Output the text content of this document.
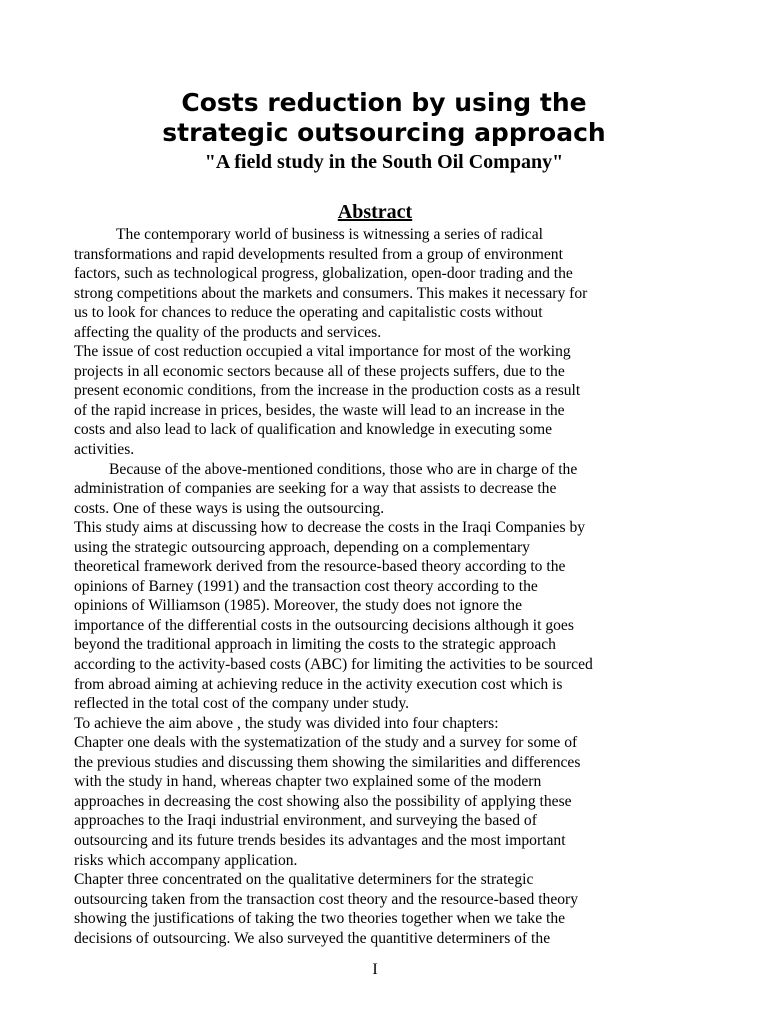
Costs reduction by using the
strategic outsourcing approach
"A field study in the South Oil Company"
Abstract
The contemporary world of business is witnessing a series of radical
transformations and rapid developments resulted from a group of environment
factors, such as technological progress, globalization, open-door trading and the
strong competitions about the markets and consumers. This makes it necessary for
us to look for chances to reduce the operating and capitalistic costs without
affecting the quality of the products and services.
The issue of cost reduction occupied a vital importance for most of the working
projects in all economic sectors because all of these projects suffers, due to the
present economic conditions, from the increase in the production costs as a result
of the rapid increase in prices, besides, the waste will lead to an increase in the
costs and also lead to lack of qualification and knowledge in executing some
activities.
Because of the above-mentioned conditions, those who are in charge of the
administration of companies are seeking for a way that assists to decrease the
costs. One of these ways is using the outsourcing.
This study aims at discussing how to decrease the costs in the Iraqi Companies by
using the strategic outsourcing approach, depending on a complementary
theoretical framework derived from the resource-based theory according to the
opinions of Barney (1991) and the transaction cost theory according to the
opinions of Williamson (1985). Moreover, the study does not ignore the
importance of the differential costs in the outsourcing decisions although it goes
beyond the traditional approach in limiting the costs to the strategic approach
according to the activity-based costs (ABC) for limiting the activities to be sourced
from abroad aiming at achieving reduce in the activity execution cost which is
reflected in the total cost of the company under study.
To achieve the aim above , the study was divided into four chapters:
Chapter one deals with the systematization of the study and a survey for some of
the previous studies and discussing them showing the similarities and differences
with the study in hand, whereas chapter two explained some of the modern
approaches in decreasing the cost showing also the possibility of applying these
approaches to the Iraqi industrial environment, and surveying the based of
outsourcing and its future trends besides its advantages and the most important
risks which accompany application.
Chapter three concentrated on the qualitative determiners for the strategic
outsourcing taken from the transaction cost theory and the resource-based theory
showing the justifications of taking the two theories together when we take the
decisions of outsourcing. We also surveyed the quantitive determiners of the
I
